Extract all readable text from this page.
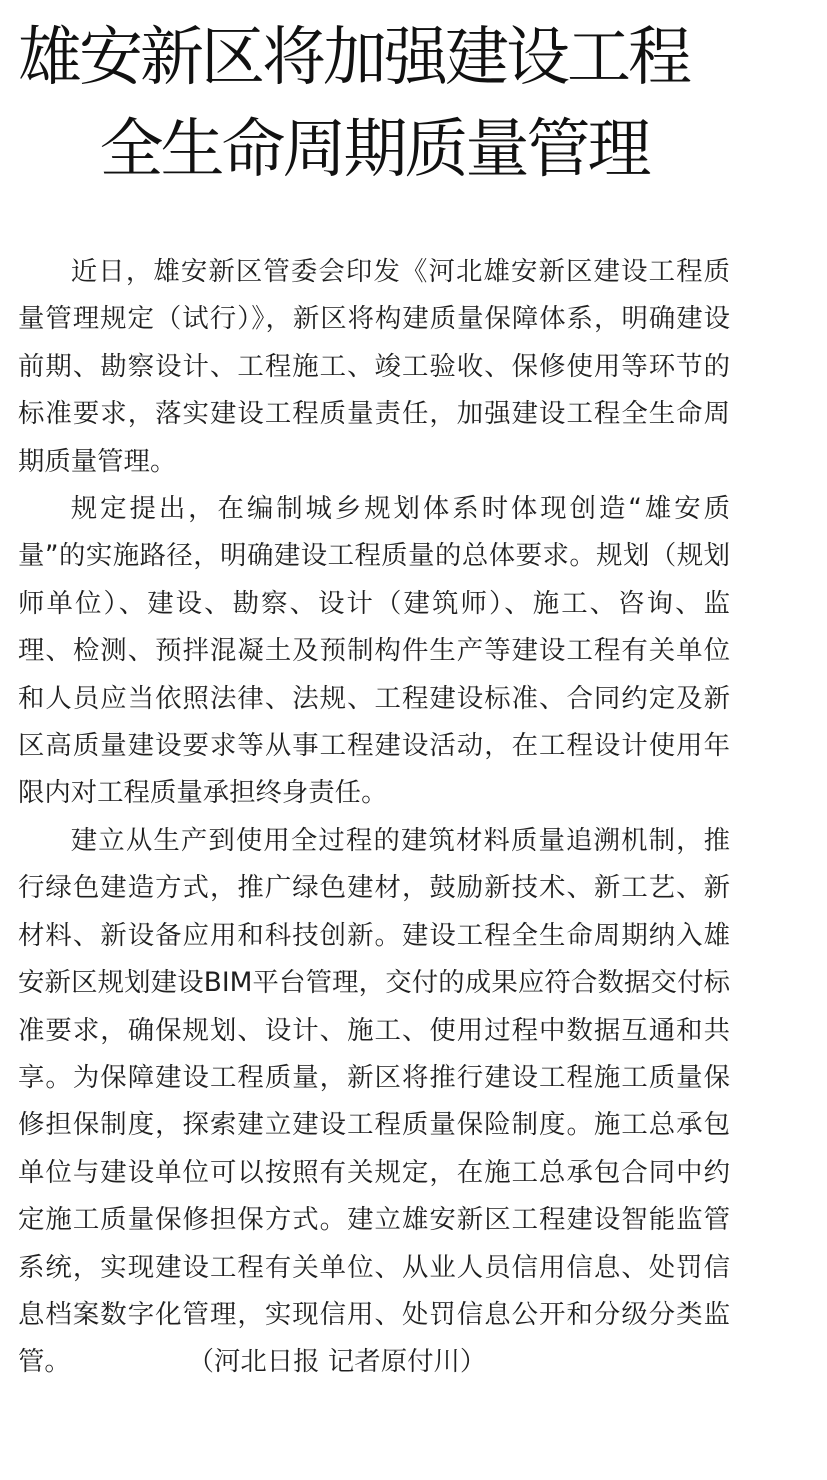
雄安新区将加强建设工程
全生命周期质量管理

近日，雄安新区管委会印发《河北雄安新区建设工程质量管理规定（试行）》，新区将构建质量保障体系，明确建设前期、勘察设计、工程施工、竣工验收、保修使用等环节的标准要求，落实建设工程质量责任，加强建设工程全生命周期质量管理。

规定提出，在编制城乡规划体系时体现创造“雄安质量”的实施路径，明确建设工程质量的总体要求。规划（规划师单位）、建设、勘察、设计（建筑师）、施工、咨询、监理、检测、预拌混凝土及预制构件生产等建设工程有关单位和人员应当依照法律、法规、工程建设标准、合同约定及新区高质量建设要求等从事工程建设活动，在工程设计使用年限内对工程质量承担终身责任。

建立从生产到使用全过程的建筑材料质量追溯机制，推行绿色建造方式，推广绿色建材，鼓励新技术、新工艺、新材料、新设备应用和科技创新。建设工程全生命周期纳入雄安新区规划建设BIM平台管理，交付的成果应符合数据交付标准要求，确保规划、设计、施工、使用过程中数据互通和共享。为保障建设工程质量，新区将推行建设工程施工质量保修担保制度，探索建立建设工程质量保险制度。施工总承包单位与建设单位可以按照有关规定，在施工总承包合同中约定施工质量保修担保方式。建立雄安新区工程建设智能监管系统，实现建设工程有关单位、从业人员信用信息、处罚信息档案数字化管理，实现信用、处罚信息公开和分级分类监管。	（河北日报 记者原付川）
